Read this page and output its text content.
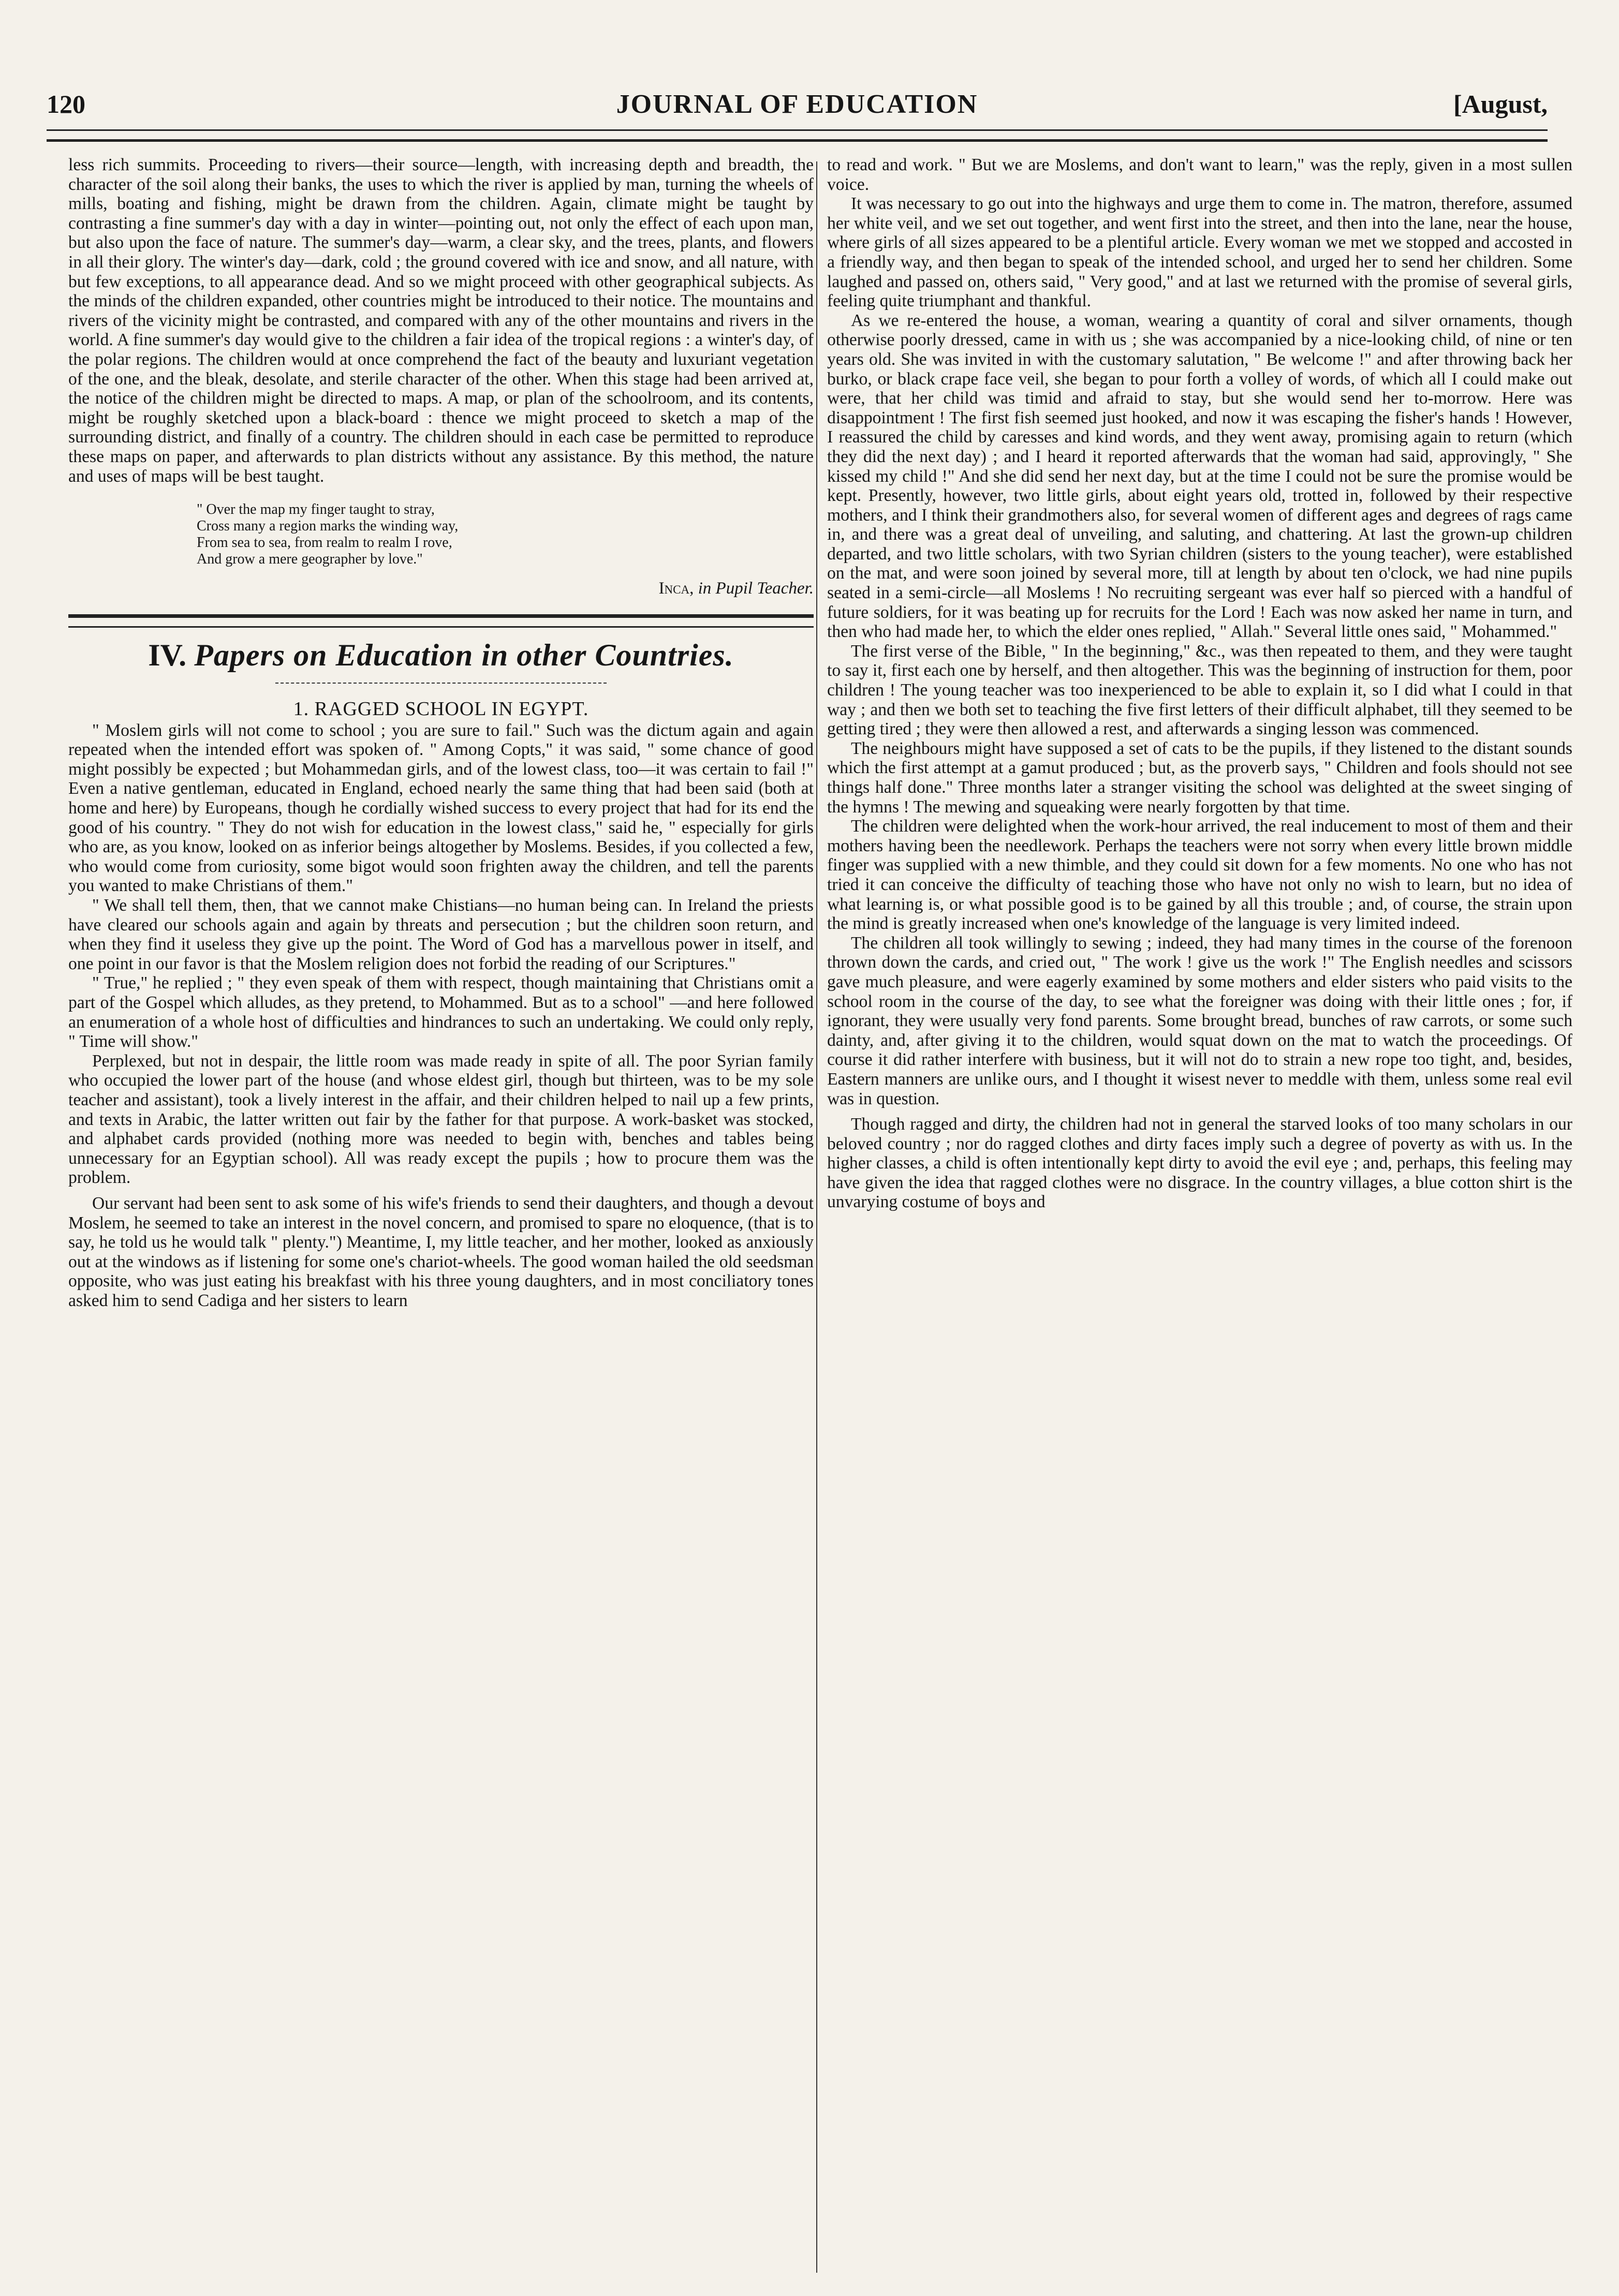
120	JOURNAL OF EDUCATION	[August,

less rich summits. Proceeding to rivers—their source—length, with increasing depth and breadth, the character of the soil along their banks, the uses to which the river is applied by man, turning the wheels of mills, boating and fishing, might be drawn from the children. Again, climate might be taught by contrasting a fine summer's day with a day in winter—pointing out, not only the effect of each upon man, but also upon the face of nature. The summer's day—warm, a clear sky, and the trees, plants, and flowers in all their glory. The winter's day—dark, cold ; the ground covered with ice and snow, and all nature, with but few exceptions, to all appearance dead. And so we might proceed with other geographical subjects. As the minds of the children expanded, other countries might be introduced to their notice. The mountains and rivers of the vicinity might be contrasted, and compared with any of the other mountains and rivers in the world. A fine summer's day would give to the children a fair idea of the tropical regions : a winter's day, of the polar regions. The children would at once comprehend the fact of the beauty and luxuriant vegetation of the one, and the bleak, desolate, and sterile character of the other. When this stage had been arrived at, the notice of the children might be directed to maps. A map, or plan of the schoolroom, and its contents, might be roughly sketched upon a black-board : thence we might proceed to sketch a map of the surrounding district, and finally of a country. The children should in each case be permitted to reproduce these maps on paper, and afterwards to plan districts without any assistance. By this method, the nature and uses of maps will be best taught.

" Over the map my finger taught to stray,
Cross many a region marks the winding way,
From sea to sea, from realm to realm I rove,
And grow a mere geographer by love."
Inca, in Pupil Teacher.
IV. Papers on Education in other Countries.
1. RAGGED SCHOOL IN EGYPT.

" Moslem girls will not come to school ; you are sure to fail." Such was the dictum again and again repeated when the intended effort was spoken of. " Among Copts," it was said, " some chance of good might possibly be expected ; but Mohammedan girls, and of the lowest class, too—it was certain to fail !" Even a native gentleman, educated in England, echoed nearly the same thing that had been said (both at home and here) by Europeans, though he cordially wished success to every project that had for its end the good of his country. " They do not wish for education in the lowest class," said he, " especially for girls who are, as you know, looked on as inferior beings altogether by Moslems. Besides, if you collected a few, who would come from curiosity, some bigot would soon frighten away the children, and tell the parents you wanted to make Christians of them."

" We shall tell them, then, that we cannot make Chistians—no human being can. In Ireland the priests have cleared our schools again and again by threats and persecution ; but the children soon return, and when they find it useless they give up the point. The Word of God has a marvellous power in itself, and one point in our favor is that the Moslem religion does not forbid the reading of our Scriptures."

" True," he replied ; " they even speak of them with respect, though maintaining that Christians omit a part of the Gospel which alludes, as they pretend, to Mohammed. But as to a school" —and here followed an enumeration of a whole host of difficulties and hindrances to such an undertaking. We could only reply, " Time will show."

Perplexed, but not in despair, the little room was made ready in spite of all. The poor Syrian family who occupied the lower part of the house (and whose eldest girl, though but thirteen, was to be my sole teacher and assistant), took a lively interest in the affair, and their children helped to nail up a few prints, and texts in Arabic, the latter written out fair by the father for that purpose. A work-basket was stocked, and alphabet cards provided (nothing more was needed to begin with, benches and tables being unnecessary for an Egyptian school). All was ready except the pupils ; how to procure them was the problem.

Our servant had been sent to ask some of his wife's friends to send their daughters, and though a devout Moslem, he seemed to take an interest in the novel concern, and promised to spare no eloquence, (that is to say, he told us he would talk " plenty.") Meantime, I, my little teacher, and her mother, looked as anxiously out at the windows as if listening for some one's chariot-wheels. The good woman hailed the old seedsman opposite, who was just eating his breakfast with his three young daughters, and in most conciliatory tones asked him to send Cadiga and her sisters to learn

to read and work. " But we are Moslems, and don't want to learn," was the reply, given in a most sullen voice.

It was necessary to go out into the highways and urge them to come in. The matron, therefore, assumed her white veil, and we set out together, and went first into the street, and then into the lane, near the house, where girls of all sizes appeared to be a plentiful article. Every woman we met we stopped and accosted in a friendly way, and then began to speak of the intended school, and urged her to send her children. Some laughed and passed on, others said, " Very good," and at last we returned with the promise of several girls, feeling quite triumphant and thankful.

As we re-entered the house, a woman, wearing a quantity of coral and silver ornaments, though otherwise poorly dressed, came in with us ; she was accompanied by a nice-looking child, of nine or ten years old. She was invited in with the customary salutation, " Be welcome !" and after throwing back her burko, or black crape face veil, she began to pour forth a volley of words, of which all I could make out were, that her child was timid and afraid to stay, but she would send her to-morrow. Here was disappointment ! The first fish seemed just hooked, and now it was escaping the fisher's hands ! However, I reassured the child by caresses and kind words, and they went away, promising again to return (which they did the next day) ; and I heard it reported afterwards that the woman had said, approvingly, " She kissed my child !" And she did send her next day, but at the time I could not be sure the promise would be kept. Presently, however, two little girls, about eight years old, trotted in, followed by their respective mothers, and I think their grandmothers also, for several women of different ages and degrees of rags came in, and there was a great deal of unveiling, and saluting, and chattering. At last the grown-up children departed, and two little scholars, with two Syrian children (sisters to the young teacher), were established on the mat, and were soon joined by several more, till at length by about ten o'clock, we had nine pupils seated in a semi-circle—all Moslems ! No recruiting sergeant was ever half so pierced with a handful of future soldiers, for it was beating up for recruits for the Lord ! Each was now asked her name in turn, and then who had made her, to which the elder ones replied, " Allah." Several little ones said, " Mohammed."

The first verse of the Bible, " In the beginning," &c., was then repeated to them, and they were taught to say it, first each one by herself, and then altogether. This was the beginning of instruction for them, poor children ! The young teacher was too inexperienced to be able to explain it, so I did what I could in that way ; and then we both set to teaching the five first letters of their difficult alphabet, till they seemed to be getting tired ; they were then allowed a rest, and afterwards a singing lesson was commenced.

The neighbours might have supposed a set of cats to be the pupils, if they listened to the distant sounds which the first attempt at a gamut produced ; but, as the proverb says, " Children and fools should not see things half done." Three months later a stranger visiting the school was delighted at the sweet singing of the hymns ! The mewing and squeaking were nearly forgotten by that time.

The children were delighted when the work-hour arrived, the real inducement to most of them and their mothers having been the needlework. Perhaps the teachers were not sorry when every little brown middle finger was supplied with a new thimble, and they could sit down for a few moments. No one who has not tried it can conceive the difficulty of teaching those who have not only no wish to learn, but no idea of what learning is, or what possible good is to be gained by all this trouble ; and, of course, the strain upon the mind is greatly increased when one's knowledge of the language is very limited indeed.

The children all took willingly to sewing ; indeed, they had many times in the course of the forenoon thrown down the cards, and cried out, " The work ! give us the work !" The English needles and scissors gave much pleasure, and were eagerly examined by some mothers and elder sisters who paid visits to the school room in the course of the day, to see what the foreigner was doing with their little ones ; for, if ignorant, they were usually very fond parents. Some brought bread, bunches of raw carrots, or some such dainty, and, after giving it to the children, would squat down on the mat to watch the proceedings. Of course it did rather interfere with business, but it will not do to strain a new rope too tight, and, besides, Eastern manners are unlike ours, and I thought it wisest never to meddle with them, unless some real evil was in question.

Though ragged and dirty, the children had not in general the starved looks of too many scholars in our beloved country ; nor do ragged clothes and dirty faces imply such a degree of poverty as with us. In the higher classes, a child is often intentionally kept dirty to avoid the evil eye ; and, perhaps, this feeling may have given the idea that ragged clothes were no disgrace. In the country villages, a blue cotton shirt is the unvarying costume of boys and
